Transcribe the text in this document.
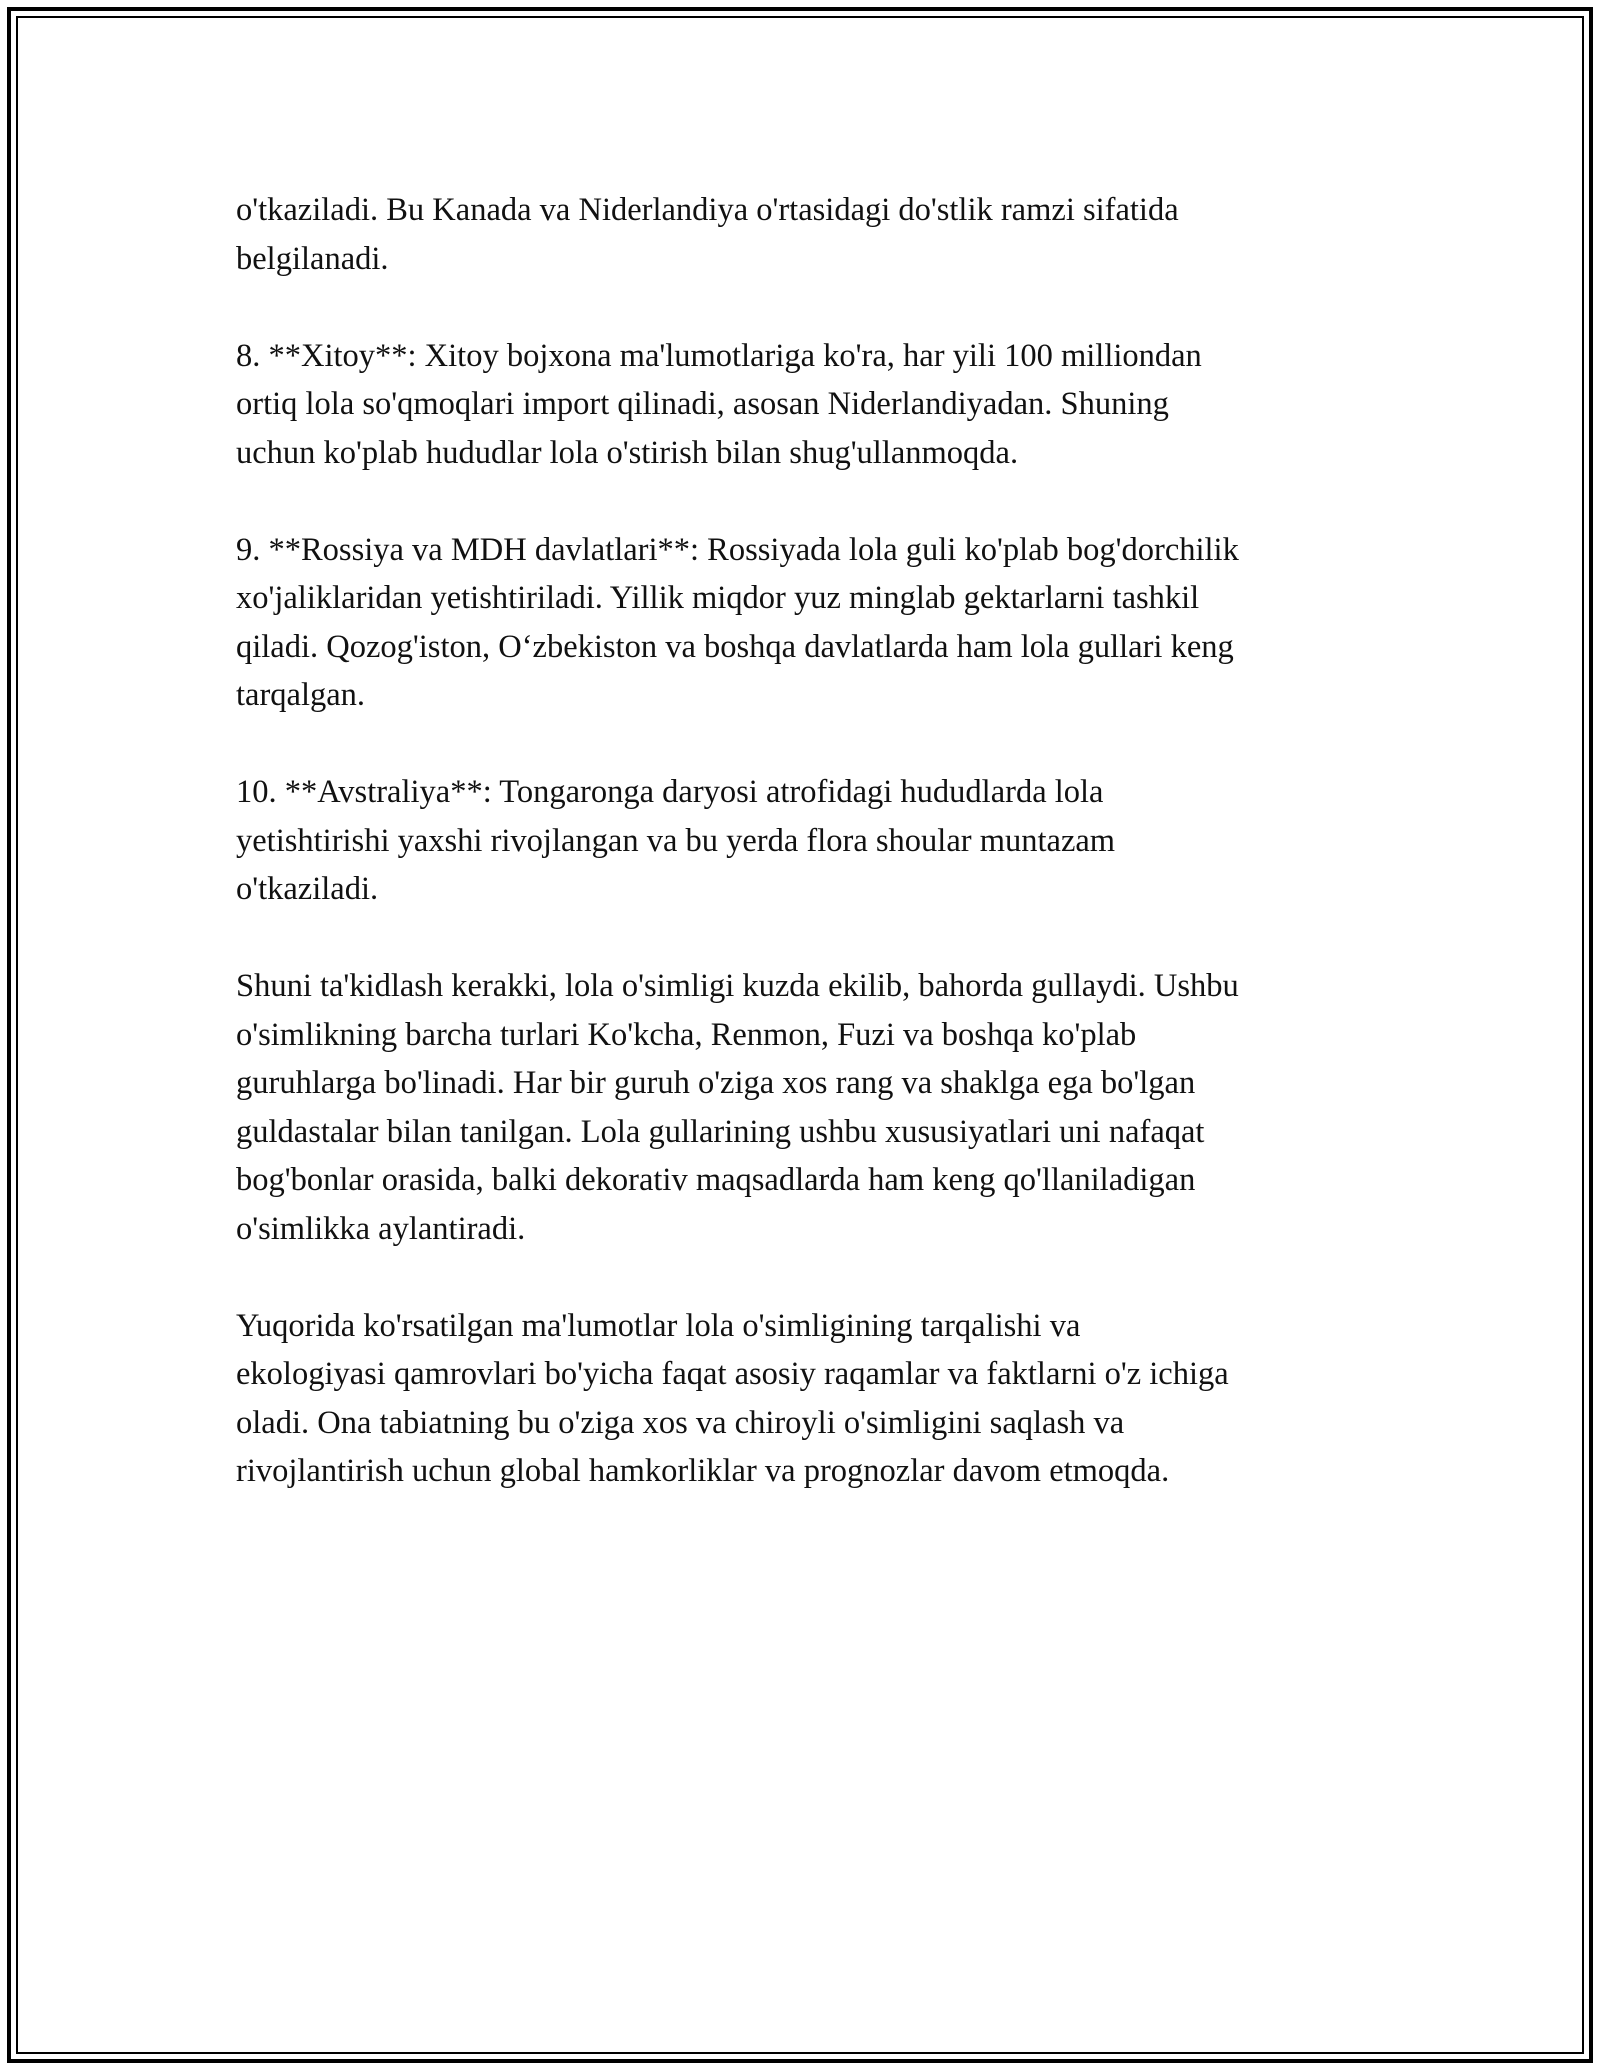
o'tkaziladi. Bu Kanada va Niderlandiya o'rtasidagi do'stlik ramzi sifatida
belgilanadi.

8. **Xitoy**: Xitoy bojxona ma'lumotlariga ko'ra, har yili 100 milliondan
ortiq lola so'qmoqlari import qilinadi, asosan Niderlandiyadan. Shuning
uchun ko'plab hududlar lola o'stirish bilan shug'ullanmoqda.

9. **Rossiya va MDH davlatlari**: Rossiyada lola guli ko'plab bog'dorchilik
xo'jaliklaridan yetishtiriladi. Yillik miqdor yuz minglab gektarlarni tashkil
qiladi. Qozog'iston, O‘zbekiston va boshqa davlatlarda ham lola gullari keng
tarqalgan.

10. **Avstraliya**: Tongaronga daryosi atrofidagi hududlarda lola
yetishtirishi yaxshi rivojlangan va bu yerda flora shoular muntazam
o'tkaziladi.

Shuni ta'kidlash kerakki, lola o'simligi kuzda ekilib, bahorda gullaydi. Ushbu
o'simlikning barcha turlari Ko'kcha, Renmon, Fuzi va boshqa ko'plab
guruhlarga bo'linadi. Har bir guruh o'ziga xos rang va shaklga ega bo'lgan
guldastalar bilan tanilgan. Lola gullarining ushbu xususiyatlari uni nafaqat
bog'bonlar orasida, balki dekorativ maqsadlarda ham keng qo'llaniladigan
o'simlikka aylantiradi.

Yuqorida ko'rsatilgan ma'lumotlar lola o'simligining tarqalishi va
ekologiyasi qamrovlari bo'yicha faqat asosiy raqamlar va faktlarni o'z ichiga
oladi. Ona tabiatning bu o'ziga xos va chiroyli o'simligini saqlash va
rivojlantirish uchun global hamkorliklar va prognozlar davom etmoqda.
